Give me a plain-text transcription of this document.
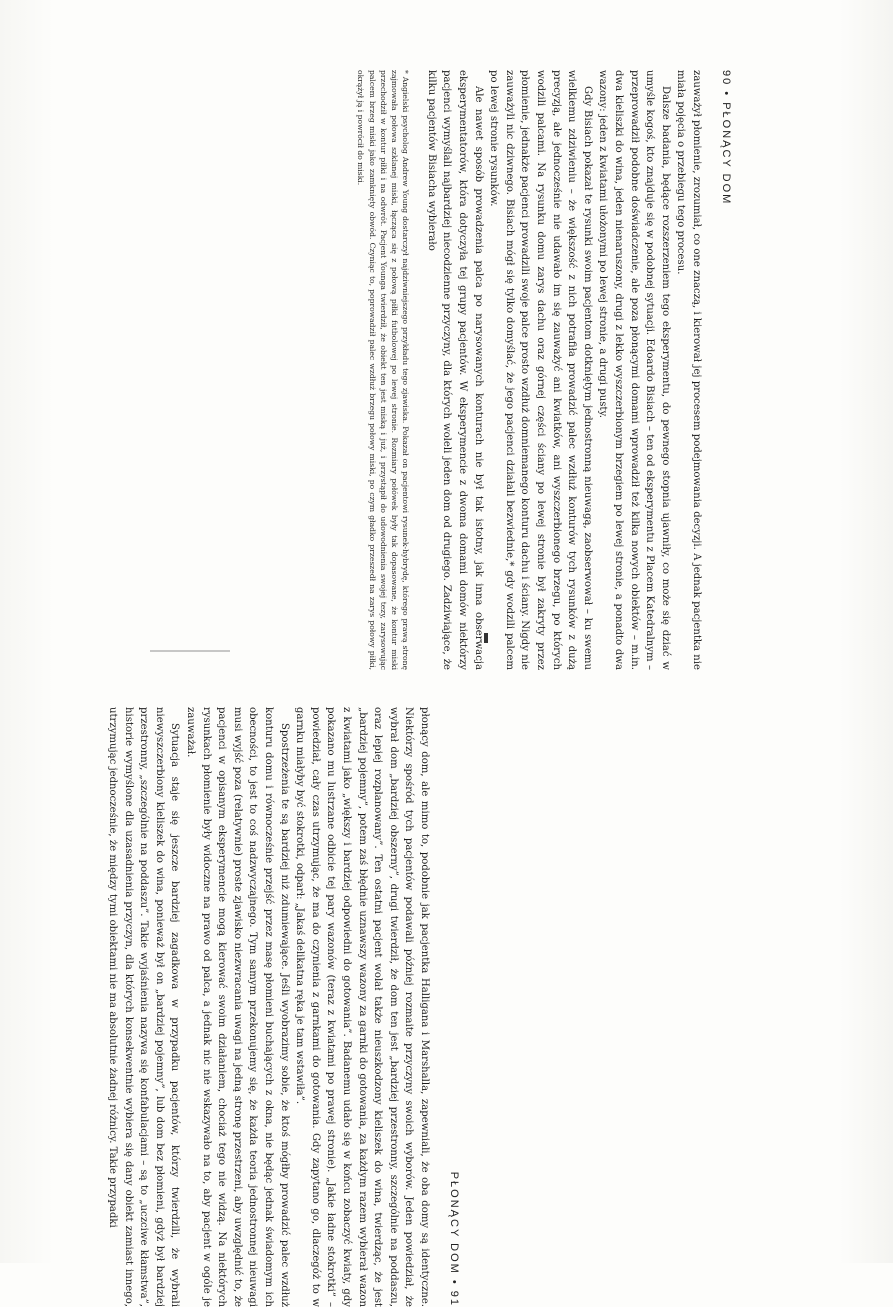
90 • PŁONĄCY DOM

zauważył płomienie, zrozumiał, co one znaczą, i kierował jej procesem podejmowania decyzji. A jednak pacjentka nie miała pojęcia o przebiegu tego procesu.

Dalsze badania, będące rozszerzeniem tego eksperymentu, do pewnego stopnia ujawniły, co może się dziać w umyśle kogoś, kto znajduje się w podobnej sytuacji. Edoardo Bisiach – ten od eksperymentu z Placem Katedralnym – przeprowadził podobne doświadczenie, ale poza płonącymi domami wprowadził też kilka nowych obiektów – m.in. dwa kieliszki do wina, jeden nienaruszony, drugi z lekko wyszczerbionym brzegiem po lewej stronie, a ponadto dwa wazony: jeden z kwiatami ułożonymi po lewej stronie, a drugi pusty.

Gdy Bisiach pokazał te rysunki swoim pacjentom dotkniętym jednostronną nieuwagą, zaobserwował – ku swemu wielkiemu zdziwieniu – że większość z nich potrafiła prowadzić palec wzdłuż konturów tych rysunków z dużą precyzją, ale jednocześnie nie udawało im się zauważyć ani kwiatków, ani wyszczerbionego brzegu, po których wodzili palcami. Na rysunku domu zarys dachu oraz górnej części ściany po lewej stronie był zakryty przez płomienie, jednakże pacjenci prowadzili swoje palce prosto wzdłuż domniemanego konturu dachu i ściany. Nigdy nie zauważyli nic dziwnego. Bisiach mógł się tylko domyślać, że jego pacjenci działali bezwiednie,* gdy wodzili palcem po lewej stronie rysunków.

Ale nawet sposób prowadzenia palca po narysowanych konturach nie był tak istotny, jak inna obserwacja eksperymentatorów, która dotyczyła tej grupy pacjentów. W eksperymencie z dwoma domami domów niektórzy pacjenci wymyślali najbardziej niecodzienne przyczyny, dla których woleli jeden dom od drugiego. Zadziwiające, że kilku pacjentów Bisiacha wybierało

* Angielski psycholog Andrew Young dostarczył najdziwniejszego przykładu tego zjawiska. Pokazał on pacjentowi rysunek-hybrydę, którego prawą stronę zajmowała połowa szklanej miski, łącząca się z połową piłki futbolowej po lewej stronie. Rozmiary połówek były tak dopasowane, że kontur miski przechodził w kontur piłki i na odwrót. Pacjent Younga twierdził, że obiekt ten jest miską i już, i przystąpił do udowodnienia swojej tezy, zarysowując palcem brzeg miski jako zamknięty obwód. Czyniąc to, poprowadził palec wzdłuż brzegu połowy miski, po czym gładko przeszedł na zarys połowy piłki, okrążył ją i powrócił do miski.
PŁONĄCY DOM • 91

płonący dom, ale mimo to, podobnie jak pacjentka Halligana i Marshalla, zapewniali, że oba domy są identyczne. Niektórzy spośród tych pacjentów podawali później rozmaite przyczyny swoich wyborów. Jeden powiedział, że wybrał dom „bardziej obszerny”, drugi twierdził, że dom ten jest „bardziej przestronny, szczególnie na poddaszu, oraz lepiej rozplanowany”. Ten ostatni pacjent wolał także nieuszkodzony kieliszek do wina, twierdząc, że jest „bardziej pojemny”, potem zaś błędnie uznawszy wazony za garnki do gotowania, za każdym razem wybierał wazon z kwiatami jako „większy i bardziej odpowiedni do gotowania”. Badanemu udało się w końcu zobaczyć kwiaty, gdy pokazano mu lustrzane odbicie tej pary wazonów (teraz z kwiatami po prawej stronie). „Jakie ładne stokrotki” – powiedział, cały czas utrzymując, że ma do czynienia z garnkami do gotowania. Gdy zapytano go, dlaczegóż to w garnku miałyby być stokrotki, odparł: „Jakaś delikatna ręka je tam wstawiła”.

Spostrzeżenia te są bardziej niż zdumiewające. Jeśli wyobrazimy sobie, że ktoś mógłby prowadzić palec wzdłuż konturu domu i równocześnie przejść przez masę płomieni buchających z okna, nie będąc jednak świadomym ich obecności, to jest to coś nadzwyczajnego. Tym samym przekonujemy się, że każda teoria jednostronnej nieuwagi musi wyjść poza (relatywnie) proste zjawisko niezwracania uwagi na jedną stronę przestrzeni, aby uwzględnić to, że pacjenci w opisanym eksperymencie mogą kierować swoim działaniem, chociaż tego nie widzą. Na niektórych rysunkach płomienie były widoczne na prawo od palca, a jednak nic nie wskazywało na to, aby pacjent w ogóle je zauważał.

Sytuacja staje się jeszcze bardziej zagadkowa w przypadku pacjentów, którzy twierdzili, że wybrali niewyszczerbiony kieliszek do wina, ponieważ był on „bardziej pojemny”, lub dom bez płomieni, gdyż był bardziej przestronny, „szczególnie na poddaszu”. Takie wyjaśnienia nazywa się konfabulacjami – są to „uczciwe kłamstwa”, historie wymyślone dla uzasadnienia przyczyn, dla których konsekwentnie wybiera się dany obiekt zamiast innego, utrzymując jednocześnie, że między tymi obiektami nie ma absolutnie żadnej różnicy. Takie przypadki
